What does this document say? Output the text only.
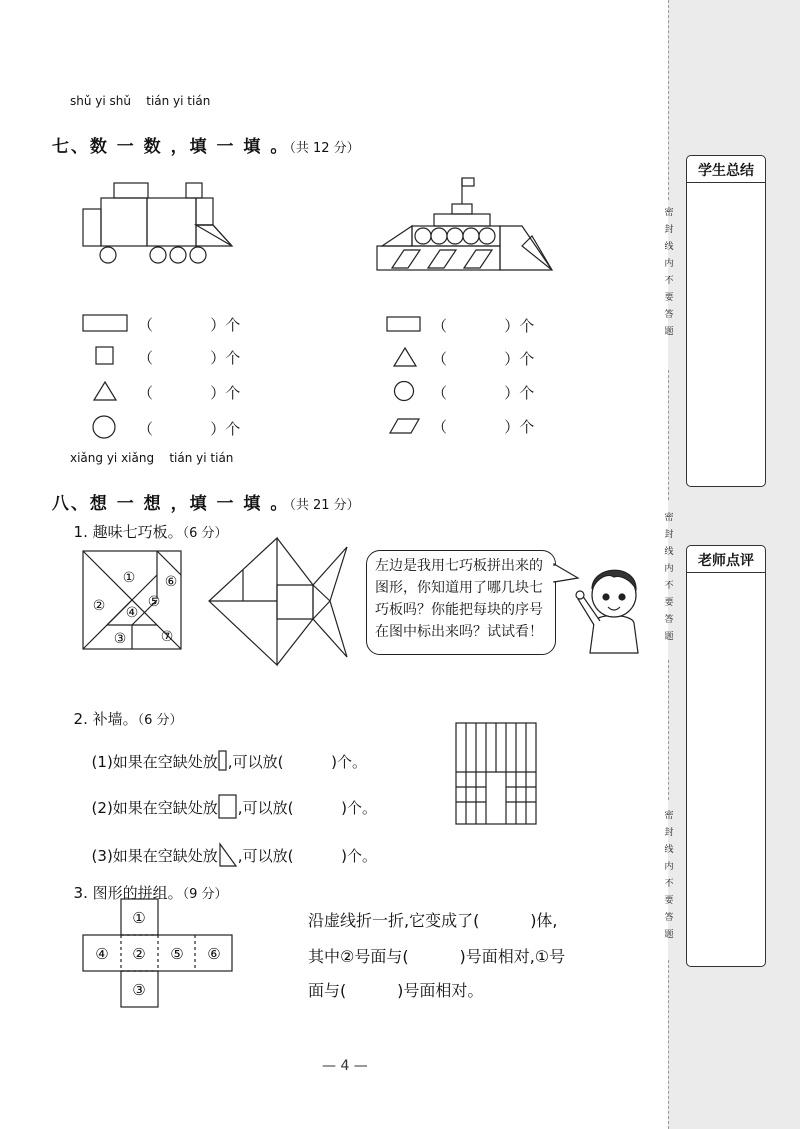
学生总结
老师点评
密
封
线
内
不
要
答
题
密
封
线
内
不
要
答
题
密
封
线
内
不
要
答
题
shǔ yi shǔ    tián yi tián

七、数 一 数 ，填 一 填 。（共 12 分）

（            ）个
（            ）个
（            ）个
（            ）个
（            ）个
（            ）个
（            ）个
（            ）个
xiǎng yi xiǎng    tián yi tián

八、想 一 想 ，填 一 填 。（共 21 分）

1. 趣味七巧板。（6 分）

①
②
③
④
⑤
⑥
⑦
左边是我用七巧板拼出来的图形，你知道用了哪几块七巧板吗？你能把每块的序号在图中标出来吗？试试看！

2. 补墙。（6 分）

(1)如果在空缺处放 ,可以放(          )个。

(2)如果在空缺处放 ,可以放(          )个。

(3)如果在空缺处放 ,可以放(          )个。

3. 图形的拼组。（9 分）

①
④ ② ⑤ ⑥
③
沿虚线折一折,它变成了(          )体,
其中②号面与(          )号面相对,①号
面与(          )号面相对。
— 4 —
